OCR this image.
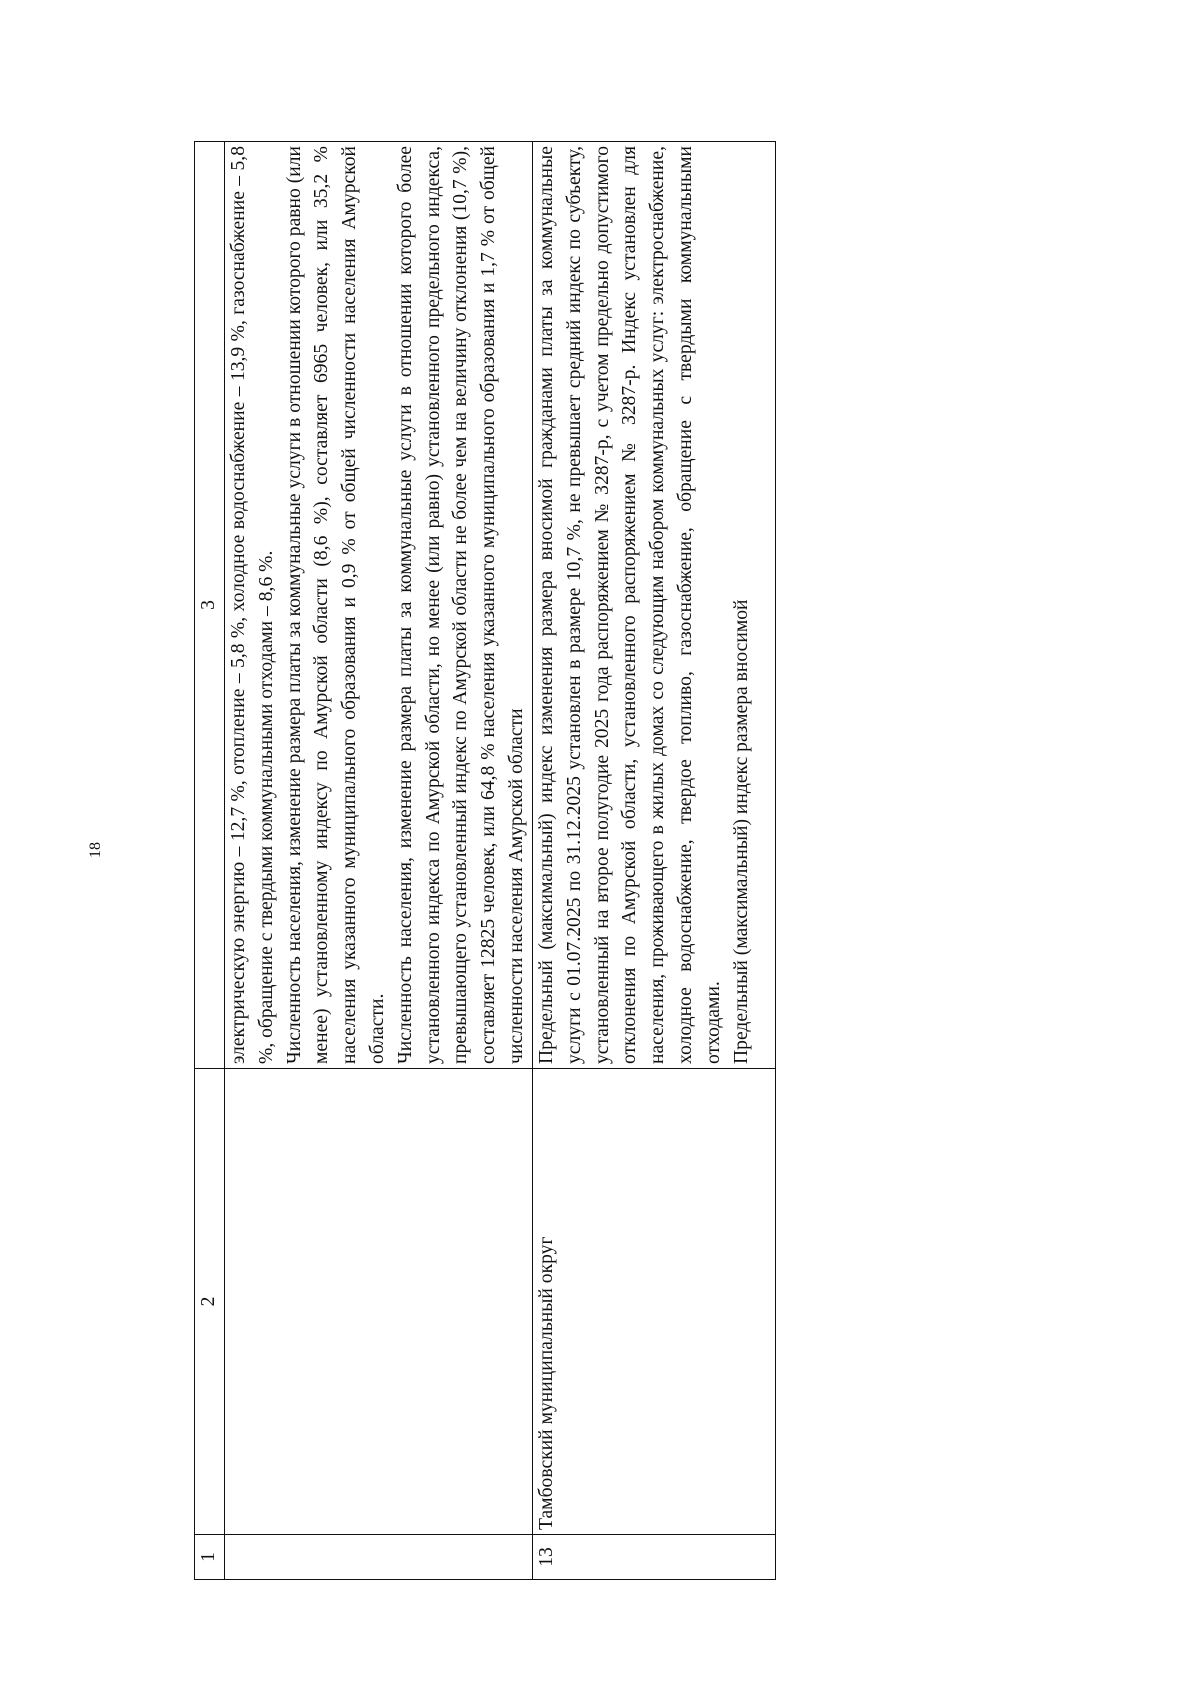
18
1	2	3

		электрическую энергию – 12,7 %, отопление – 5,8 %, холодное водоснабжение – 13,9 %, газоснабжение – 5,8 %, обращение с твердыми коммунальными отходами – 8,6 %. Численность населения, изменение размера платы за коммунальные услуги в отношении которого равно (или менее) установленному индексу по Амурской области (8,6 %), составляет 6965 человек, или 35,2 % населения указанного муниципального образования и 0,9 % от общей численности населения Амурской области. Численность населения, изменение размера платы за коммунальные услуги в отношении которого более установленного индекса по Амурской области, но менее (или равно) установленного предельного индекса, превышающего установленный индекс по Амурской области не более чем на величину отклонения (10,7 %), составляет 12825 человек, или 64,8 % населения указанного муниципального образования и 1,7 % от общей численности населения Амурской области

13	Тамбовский муниципальный округ	Предельный (максимальный) индекс изменения размера вносимой гражданами платы за коммунальные услуги с 01.07.2025 по 31.12.2025 установлен в размере 10,7 %, не превышает средний индекс по субъекту, установленный на второе полугодие 2025 года распоряжением № 3287-р, с учетом предельно допустимого отклонения по Амурской области, установленного распоряжением № 3287-р. Индекс установлен для населения, проживающего в жилых домах со следующим набором коммунальных услуг: электроснабжение, холодное водоснабжение, твердое топливо, газоснабжение, обращение с твердыми коммунальными отходами. Предельный (максимальный) индекс размера вносимой
